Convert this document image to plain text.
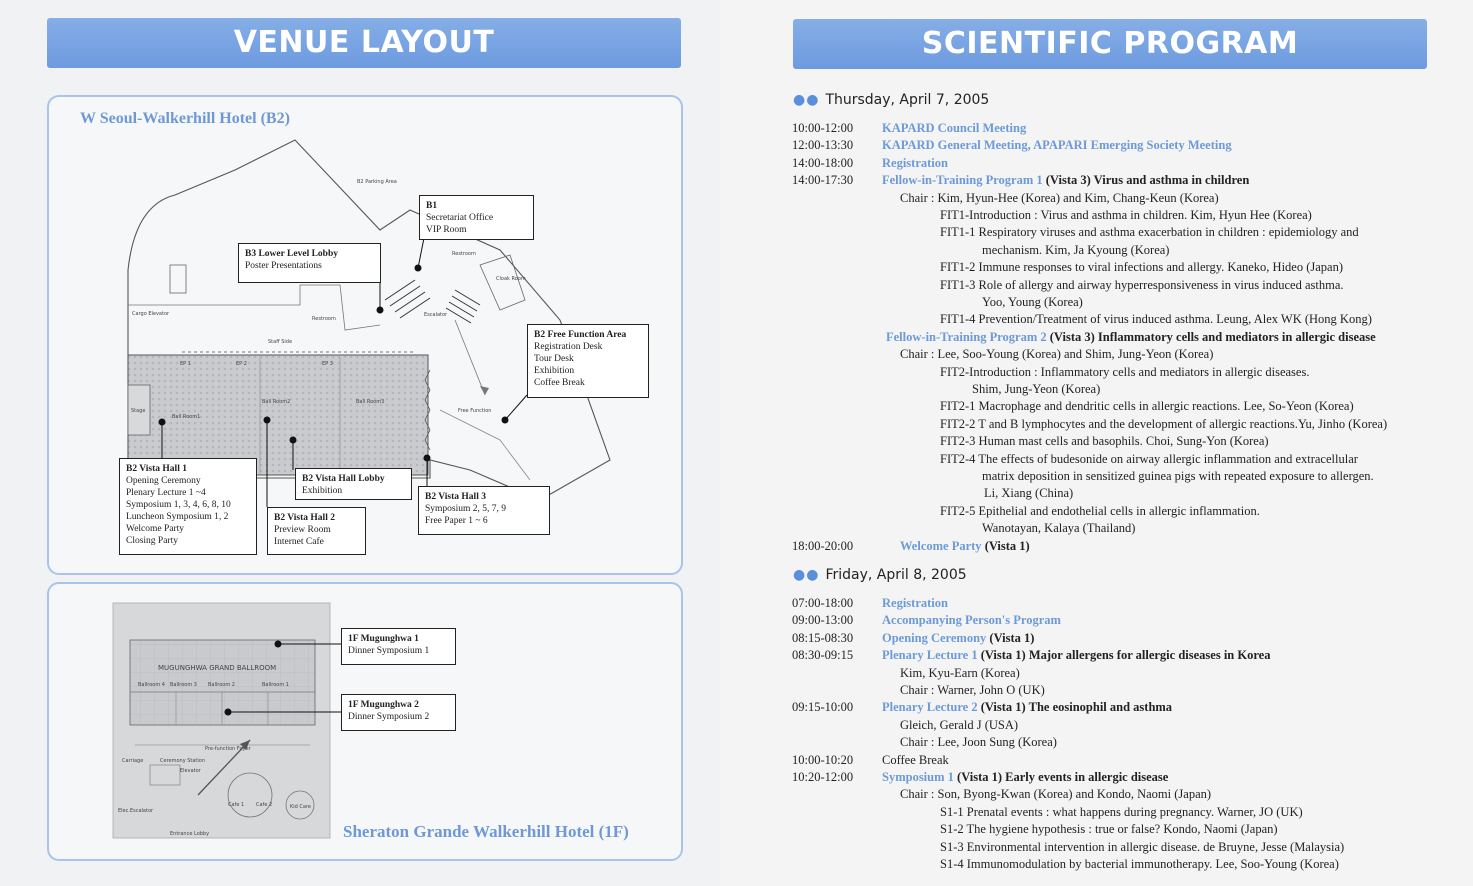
VENUE LAYOUT
W Seoul-Walkerhill Hotel (B2)
B2 Parking Area
Restroom
Cargo Elevator
Restroom
Cloak Room
Escalator
Staff Side
EP 1	EP 2	EP 3
Ball Room1
Ball Room2	Ball Room3
Free Function
Stage
B1
Secretariat Office
VIP Room
B3 Lower Level Lobby
Poster Presentations
B2 Free Function Area
Registration Desk
Tour Desk
Exhibition
Coffee Break
B2 Vista Hall 1
Opening Ceremony
Plenary Lecture 1 ~4
Symposium 1, 3, 4, 6, 8, 10
Luncheon Symposium 1, 2
Welcome Party
Closing Party
B2 Vista Hall Lobby
Exhibition
B2 Vista Hall 2
Preview Room
Internet Cafe
B2 Vista Hall 3
Symposium 2, 5, 7, 9
Free Paper 1 ~ 6
MUGUNGHWA GRAND BALLROOM
Ballroom 4 Ballroom 3 Ballroom 2	Ballroom 1
Pre-function Foyer
Carriage	Ceremony Station
Elevator
Cafe 1 Cafe 2	Kid Care
Elec.Escalator
Entrance Lobby
1F Mugunghwa 1
Dinner Symposium 1
1F Mugunghwa 2
Dinner Symposium 2
Sheraton Grande Walkerhill Hotel (1F)
SCIENTIFIC PROGRAM
●● Thursday, April 7, 2005
10:00-12:00 KAPARD Council Meeting
12:00-13:30 KAPARD General Meeting, APAPARI Emerging Society Meeting
14:00-18:00 Registration
14:00-17:30 Fellow-in-Training Program 1 (Vista 3) Virus and asthma in children
Chair : Kim, Hyun-Hee (Korea) and Kim, Chang-Keun (Korea)
FIT1-Introduction : Virus and asthma in children. Kim, Hyun Hee (Korea)
FIT1-1 Respiratory viruses and asthma exacerbation in children : epidemiology and
mechanism. Kim, Ja Kyoung (Korea)
FIT1-2 Immune responses to viral infections and allergy. Kaneko, Hideo (Japan)
FIT1-3 Role of allergy and airway hyperresponsiveness in virus induced asthma.
Yoo, Young (Korea)
FIT1-4 Prevention/Treatment of virus induced asthma. Leung, Alex WK (Hong Kong)
Fellow-in-Training Program 2 (Vista 3) Inflammatory cells and mediators in allergic disease
Chair : Lee, Soo-Young (Korea) and Shim, Jung-Yeon (Korea)
FIT2-Introduction : Inflammatory cells and mediators in allergic diseases.
Shim, Jung-Yeon (Korea)
FIT2-1 Macrophage and dendritic cells in allergic reactions. Lee, So-Yeon (Korea)
FIT2-2 T and B lymphocytes and the development of allergic reactions.Yu, Jinho (Korea)
FIT2-3 Human mast cells and basophils. Choi, Sung-Yon (Korea)
FIT2-4 The effects of budesonide on airway allergic inflammation and extracellular
matrix deposition in sensitized guinea pigs with repeated exposure to allergen.
Li, Xiang (China)
FIT2-5 Epithelial and endothelial cells in allergic inflammation.
Wanotayan, Kalaya (Thailand)
18:00-20:00	Welcome Party (Vista 1)
●● Friday, April 8, 2005
07:00-18:00 Registration
09:00-13:00 Accompanying Person's Program
08:15-08:30 Opening Ceremony (Vista 1)
08:30-09:15 Plenary Lecture 1 (Vista 1) Major allergens for allergic diseases in Korea
Kim, Kyu-Earn (Korea)
Chair : Warner, John O (UK)
09:15-10:00 Plenary Lecture 2 (Vista 1) The eosinophil and asthma
Gleich, Gerald J (USA)
Chair : Lee, Joon Sung (Korea)
10:00-10:20 Coffee Break
10:20-12:00 Symposium 1 (Vista 1) Early events in allergic disease
Chair : Son, Byong-Kwan (Korea) and Kondo, Naomi (Japan)
S1-1 Prenatal events : what happens during pregnancy. Warner, JO (UK)
S1-2 The hygiene hypothesis : true or false? Kondo, Naomi (Japan)
S1-3 Environmental intervention in allergic disease. de Bruyne, Jesse (Malaysia)
S1-4 Immunomodulation by bacterial immunotherapy. Lee, Soo-Young (Korea)
